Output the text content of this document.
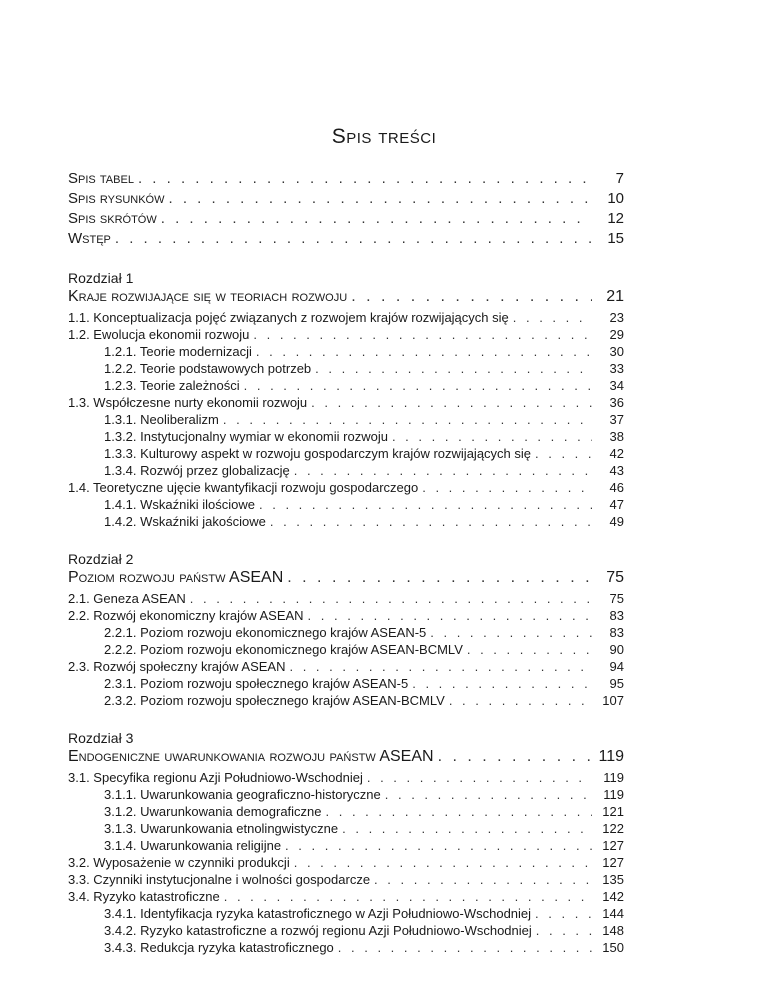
Spis treści
Spis tabel . . .	7
Spis rysunków . . .	10
Spis skrótów . . .	12
Wstęp . . .	15
Rozdział 1
Kraje rozwijające się w teoriach rozwoju . . .	21
1.1. Konceptualizacja pojęć związanych z rozwojem krajów rozwijających się . . .	23
1.2. Ewolucja ekonomii rozwoju . . .	29
1.2.1. Teorie modernizacji . . .	30
1.2.2. Teorie podstawowych potrzeb . . .	33
1.2.3. Teorie zależności . . .	34
1.3. Współczesne nurty ekonomii rozwoju . . .	36
1.3.1. Neoliberalizm . . .	37
1.3.2. Instytucjonalny wymiar w ekonomii rozwoju . . .	38
1.3.3. Kulturowy aspekt w rozwoju gospodarczym krajów rozwijających się . . .	42
1.3.4. Rozwój przez globalizację . . .	43
1.4. Teoretyczne ujęcie kwantyfikacji rozwoju gospodarczego . . .	46
1.4.1. Wskaźniki ilościowe . . .	47
1.4.2. Wskaźniki jakościowe . . .	49
Rozdział 2
Poziom rozwoju państw ASEAN . . .	75
2.1. Geneza ASEAN . . .	75
2.2. Rozwój ekonomiczny krajów ASEAN . . .	83
2.2.1. Poziom rozwoju ekonomicznego krajów ASEAN-5 . . .	83
2.2.2. Poziom rozwoju ekonomicznego krajów ASEAN-BCMLV . . .	90
2.3. Rozwój społeczny krajów ASEAN . . .	94
2.3.1. Poziom rozwoju społecznego krajów ASEAN-5 . . .	95
2.3.2. Poziom rozwoju społecznego krajów ASEAN-BCMLV . . .	107
Rozdział 3
Endogeniczne uwarunkowania rozwoju państw ASEAN . . .	119
3.1. Specyfika regionu Azji Południowo-Wschodniej . . .	119
3.1.1. Uwarunkowania geograficzno-historyczne . . .	119
3.1.2. Uwarunkowania demograficzne . . .	121
3.1.3. Uwarunkowania etnolingwistyczne . . .	122
3.1.4. Uwarunkowania religijne . . .	127
3.2. Wyposażenie w czynniki produkcji . . .	127
3.3. Czynniki instytucjonalne i wolności gospodarcze . . .	135
3.4. Ryzyko katastroficzne . . .	142
3.4.1. Identyfikacja ryzyka katastroficznego w Azji Południowo-Wschodniej . . .	144
3.4.2. Ryzyko katastroficzne a rozwój regionu Azji Południowo-Wschodniej . . .	148
3.4.3. Redukcja ryzyka katastroficznego . . .	150
